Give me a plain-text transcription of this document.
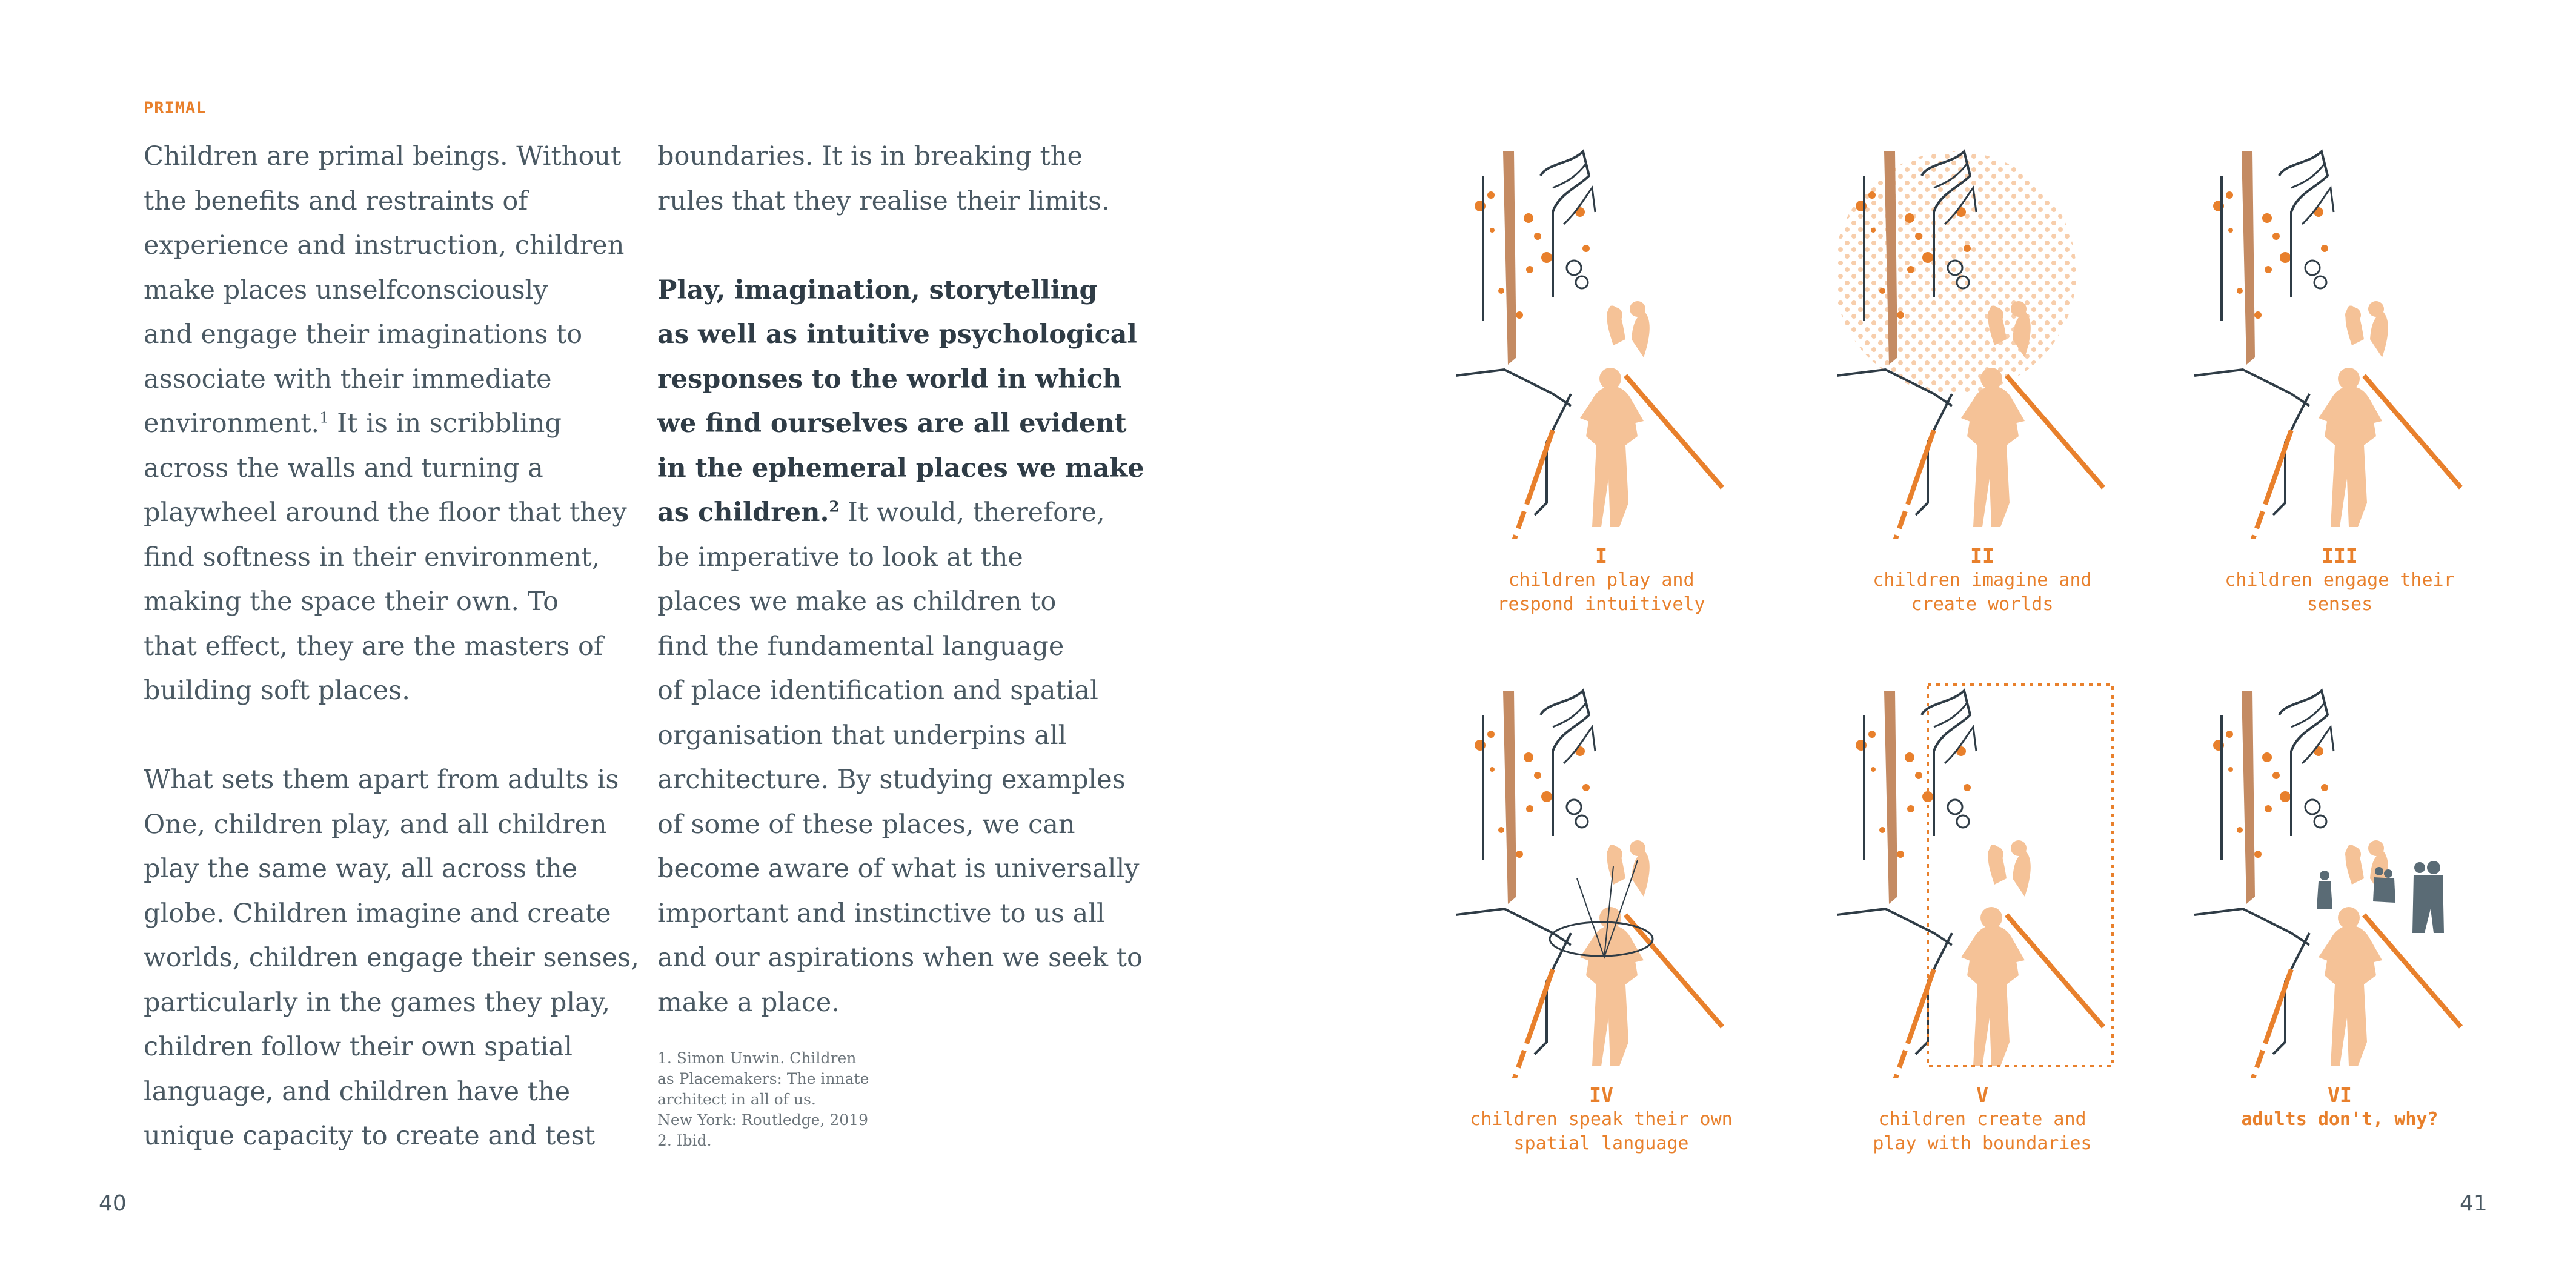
PRIMAL
Children are primal beings. Without
the benefits and restraints of
experience and instruction, children
make places unselfconsciously
and engage their imaginations to
associate with their immediate
environment.$^1$ It is in scribbling
across the walls and turning a
playwheel around the floor that they
find softness in their environment,
making the space their own. To
that effect, they are the masters of
building soft places.
What sets them apart from adults is
One, children play, and all children
play the same way, all across the
globe. Children imagine and create
worlds, children engage their senses,
particularly in the games they play,
children follow their own spatial
language, and children have the
unique capacity to create and test
boundaries. It is in breaking the
rules that they realise their limits.
Play, imagination, storytelling
as well as intuitive psychological
responses to the world in which
we find ourselves are all evident
in the ephemeral places we make
as children.$^2$ It would, therefore,
be imperative to look at the
places we make as children to
find the fundamental language
of place identification and spatial
organisation that underpins all
architecture. By studying examples
of some of these places, we can
become aware of what is universally
important and instinctive to us all
and our aspirations when we seek to
make a place.
1. Simon Unwin. Children
as Placemakers: The innate
architect in all of us.
New York: Routledge, 2019
2. Ibid.
40	41
I
children play and
respond intuitively
II
children imagine and
create worlds
III
children engage their
senses
IV
children speak their own
spatial language
V
children create and
play with boundaries
VI
adults don't, why?
